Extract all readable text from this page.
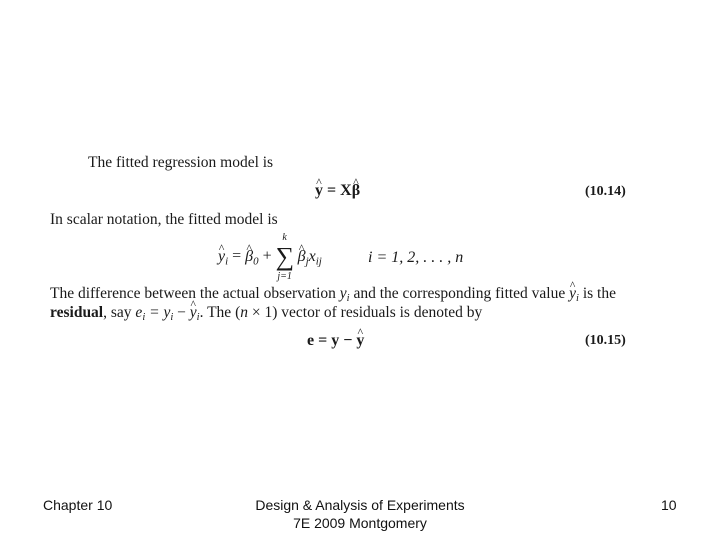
The fitted regression model is
^ y = X^ β	(10.14)
In scalar notation, the fitted model is
^ $y_i$ = ^ $\beta_0$ +
k
∑
j=1
^ $\beta_jx_{ij}$	i = 1, 2, . . . , n
The difference between the actual observation $y_i$ and the corresponding fitted value ^ $y_i$ is the
residual, say $e_i = y_i$ − ^ $y_i$. The (n × 1) vector of residuals is denoted by
e = y − ^ y	(10.15)
Chapter 10	Design & Analysis of Experiments
7E 2009 Montgomery
10
